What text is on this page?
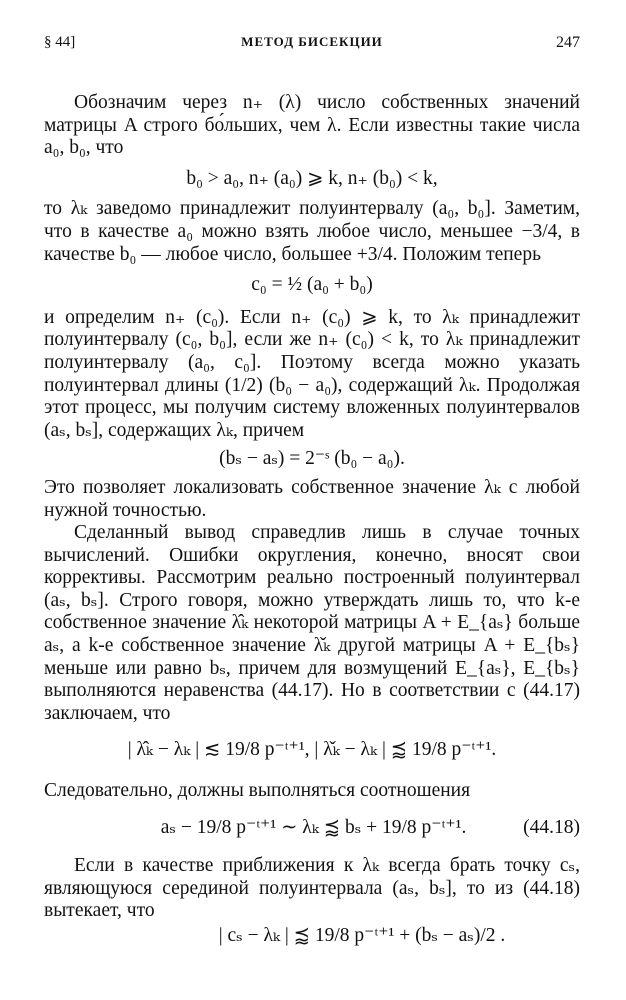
§ 44]	МЕТОД БИСЕКЦИИ	247

Обозначим через n₊ (λ) число собственных значений матрицы A строго бо́льших, чем λ. Если известны такие числа a₀, b₀, что

b₀ > a₀, n₊ (a₀) ⩾ k, n₊ (b₀) < k,

то λₖ заведомо принадлежит полуинтервалу (a₀, b₀]. Заметим, что в качестве a₀ можно взять любое число, меньшее −3/4, в качестве b₀ — любое число, большее +3/4. Положим теперь

c₀ = ½ (a₀ + b₀)

и определим n₊ (c₀). Если n₊ (c₀) ⩾ k, то λₖ принадлежит полуинтервалу (c₀, b₀], если же n₊ (c₀) < k, то λₖ принадлежит полуинтервалу (a₀, c₀]. Поэтому всегда можно указать полуинтервал длины (1/2) (b₀ − a₀), содержащий λₖ. Продолжая этот процесс, мы получим систему вложенных полуинтервалов (aₛ, bₛ], содержащих λₖ, причем

(bₛ − aₛ) = 2⁻ˢ (b₀ − a₀).

Это позволяет локализовать собственное значение λₖ с любой нужной точностью.

Сделанный вывод справедлив лишь в случае точных вычислений. Ошибки округления, конечно, вносят свои коррективы. Рассмотрим реально построенный полуинтервал (aₛ, bₛ]. Строго говоря, можно утверждать лишь то, что k-е собственное значение λ̂ₖ некоторой матрицы A + E_{aₛ} больше aₛ, а k-е собственное значение λ̌ₖ другой матрицы A + E_{bₛ} меньше или равно bₛ, причем для возмущений E_{aₛ}, E_{bₛ} выполняются неравенства (44.17). Но в соответствии с (44.17) заключаем, что

| λ̂ₖ − λₖ | ≲ 19/8 p⁻ᵗ⁺¹, | λ̌ₖ − λₖ | ⪷ 19/8 p⁻ᵗ⁺¹.

Следовательно, должны выполняться соотношения

aₛ − 19/8 p⁻ᵗ⁺¹ ∼ λₖ ⪷ bₛ + 19/8 p⁻ᵗ⁺¹.	(44.18)

Если в качестве приближения к λₖ всегда брать точку cₛ, являющуюся серединой полуинтервала (aₛ, bₛ], то из (44.18) вытекает, что

| cₛ − λₖ | ⪷ 19/8 p⁻ᵗ⁺¹ + (bₛ − aₛ)/2 .
